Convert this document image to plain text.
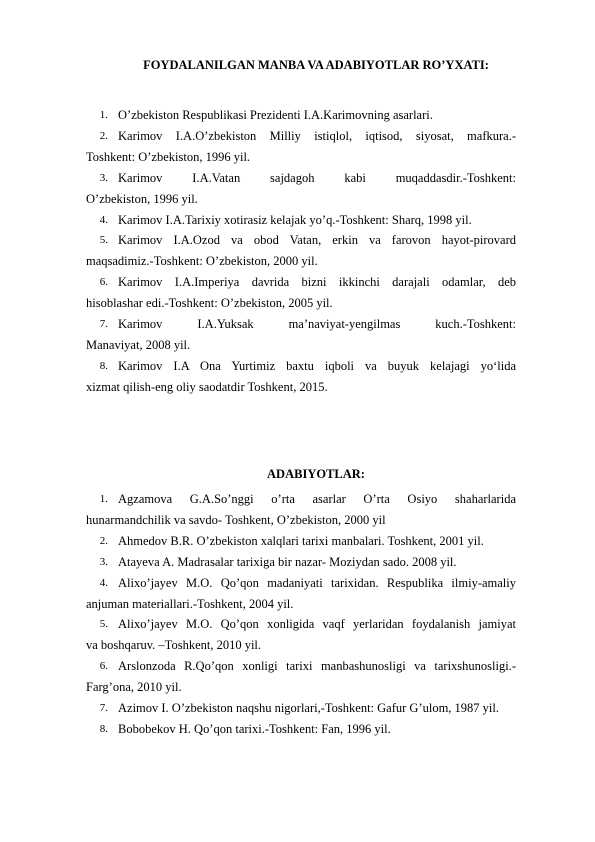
FOYDALANILGAN MANBA VA ADABIYOTLAR RO’YXATI:
1. O’zbekiston Respublikasi Prezidenti I.A.Karimovning asarlari.
2. Karimov I.A.O’zbekiston Milliy istiqlol, iqtisod, siyosat, mafkura.-
Toshkent: O’zbekiston, 1996 yil.
3. Karimov I.A.Vatan sajdagoh kabi muqaddasdir.-Toshkent:
O’zbekiston, 1996 yil.
4. Karimov I.A.Tarixiy xotirasiz kelajak yo’q.-Toshkent: Sharq, 1998 yil.
5. Karimov I.A.Ozod va obod Vatan, erkin va farovon hayot-pirovard
maqsadimiz.-Toshkent: O’zbekiston, 2000 yil.
6. Karimov I.A.Imperiya davrida bizni ikkinchi darajali odamlar, deb
hisoblashar edi.-Toshkent: O’zbekiston, 2005 yil.
7. Karimov I.A.Yuksak ma’naviyat-yengilmas kuch.-Toshkent:
Manaviyat, 2008 yil.
8. Karimov I.A Ona Yurtimiz baxtu iqboli va buyuk kelajagi yo‘lida
xizmat qilish-eng oliy saodatdir Toshkent, 2015.
ADABIYOTLAR:
1. Agzamova G.A.So’nggi o’rta asarlar O’rta Osiyo shaharlarida
hunarmandchilik va savdo- Toshkent, O’zbekiston, 2000 yil
2. Ahmedov B.R. O’zbekiston xalqlari tarixi manbalari. Toshkent, 2001 yil.
3. Atayeva A. Madrasalar tarixiga bir nazar- Moziydan sado. 2008 yil.
4. Alixo’jayev M.O. Qo’qon madaniyati tarixidan. Respublika ilmiy-amaliy
anjuman materiallari.-Toshkent, 2004 yil.
5. Alixo’jayev M.O. Qo’qon xonligida vaqf yerlaridan foydalanish jamiyat
va boshqaruv. –Toshkent, 2010 yil.
6. Arslonzoda R.Qo’qon xonligi tarixi manbashunosligi va tarixshunosligi.-
Farg’ona, 2010 yil.
7. Azimov I. O’zbekiston naqshu nigorlari,-Toshkent: Gafur G’ulom, 1987 yil.
8. Bobobekov H. Qo’qon tarixi.-Toshkent: Fan, 1996 yil.
